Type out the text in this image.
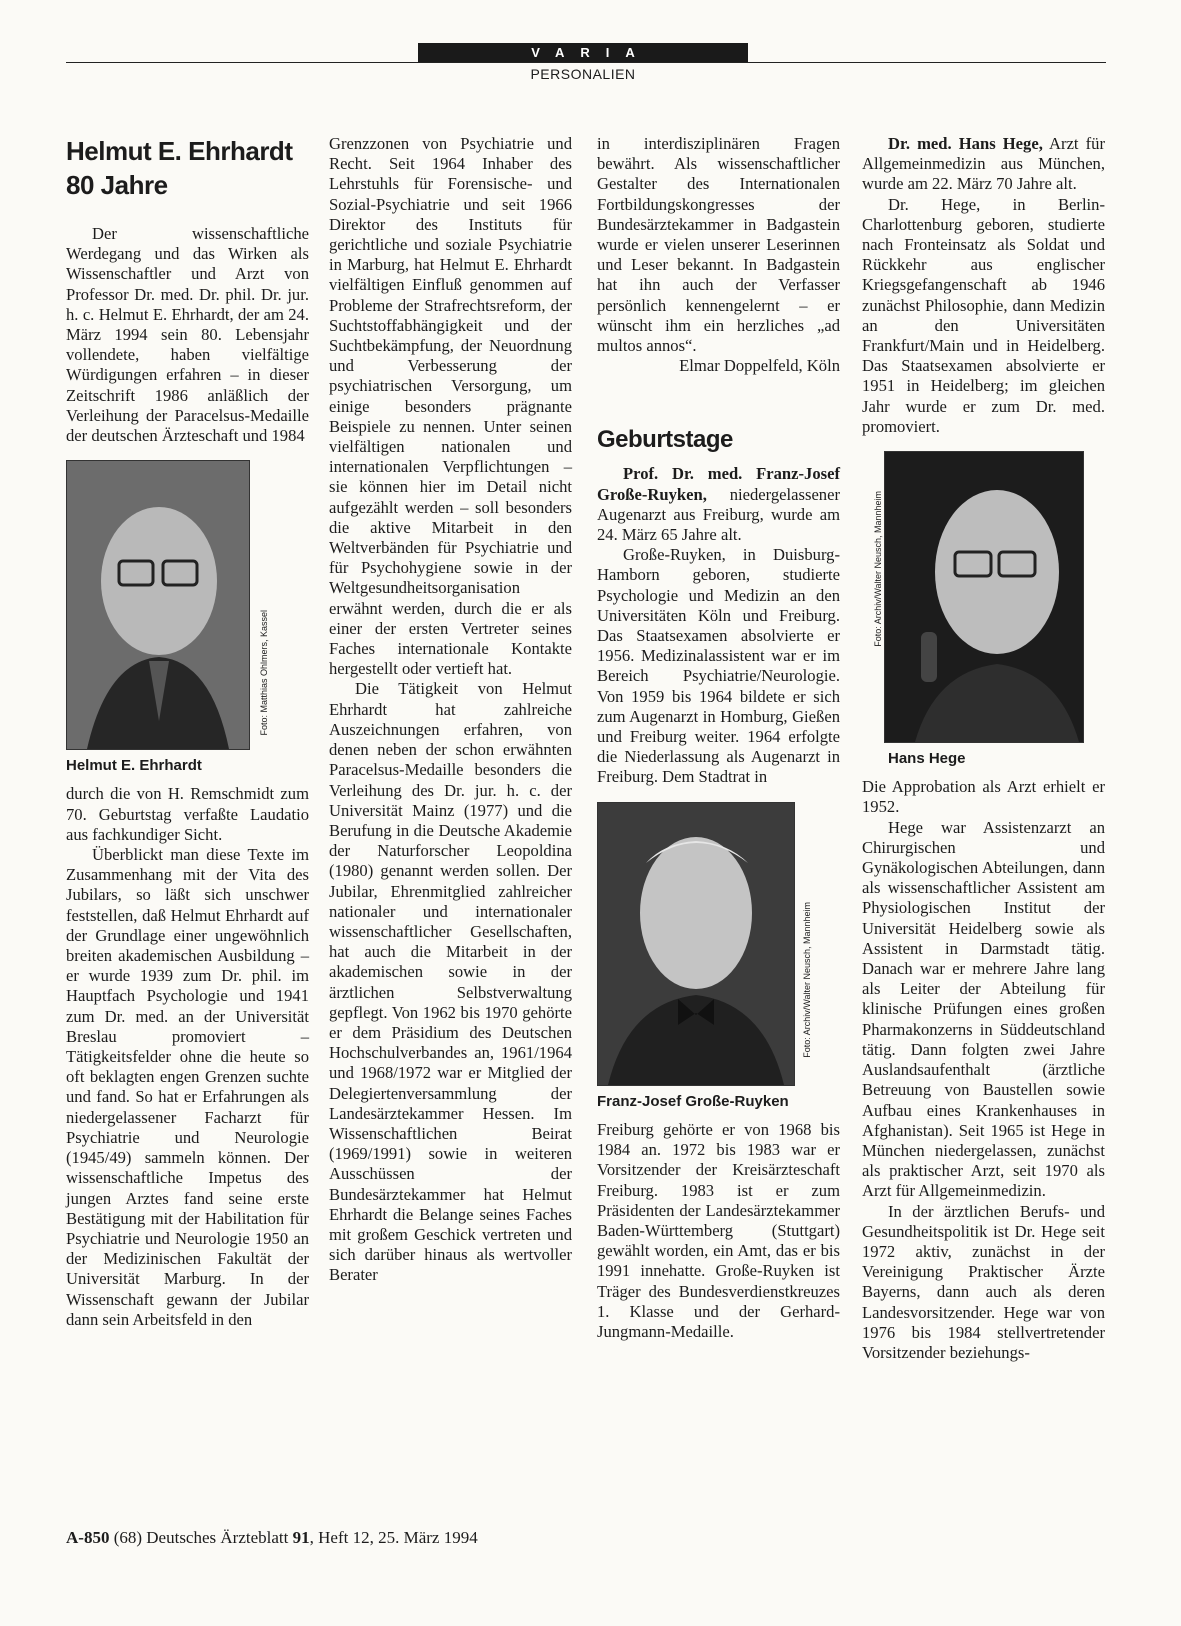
VARIA
PERSONALIEN
Helmut E. Ehrhardt
80 Jahre

Der wissenschaftliche Werdegang und das Wirken als Wissenschaftler und Arzt von Professor Dr. med. Dr. phil. Dr. jur. h. c. Helmut E. Ehrhardt, der am 24. März 1994 sein 80. Lebensjahr vollendete, haben vielfältige Würdigungen erfahren – in dieser Zeitschrift 1986 anläßlich der Verleihung der Paracelsus-Medaille der deutschen Ärzteschaft und 1984

Foto: Matthias Ohlmers, Kassel
Helmut E. Ehrhardt

durch die von H. Remschmidt zum 70. Geburtstag verfaßte Laudatio aus fachkundiger Sicht.

Überblickt man diese Texte im Zusammenhang mit der Vita des Jubilars, so läßt sich unschwer feststellen, daß Helmut Ehrhardt auf der Grundlage einer ungewöhnlich breiten akademischen Ausbildung – er wurde 1939 zum Dr. phil. im Hauptfach Psychologie und 1941 zum Dr. med. an der Universität Breslau promoviert – Tätigkeitsfelder ohne die heute so oft beklagten engen Grenzen suchte und fand. So hat er Erfahrungen als niedergelassener Facharzt für Psychiatrie und Neurologie (1945/49) sammeln können. Der wissenschaftliche Impetus des jungen Arztes fand seine erste Bestätigung mit der Habilitation für Psychiatrie und Neurologie 1950 an der Medizinischen Fakultät der Universität Marburg. In der Wissenschaft gewann der Jubilar dann sein Arbeitsfeld in den

Grenzzonen von Psychiatrie und Recht. Seit 1964 Inhaber des Lehrstuhls für Forensische- und Sozial-Psychiatrie und seit 1966 Direktor des Instituts für gerichtliche und soziale Psychiatrie in Marburg, hat Helmut E. Ehrhardt vielfältigen Einfluß genommen auf Probleme der Strafrechtsreform, der Suchtstoffabhängigkeit und der Suchtbekämpfung, der Neuordnung und Verbesserung der psychiatrischen Versorgung, um einige besonders prägnante Beispiele zu nennen. Unter seinen vielfältigen nationalen und internationalen Verpflichtungen – sie können hier im Detail nicht aufgezählt werden – soll besonders die aktive Mitarbeit in den Weltverbänden für Psychiatrie und für Psychohygiene sowie in der Weltgesundheitsorganisation erwähnt werden, durch die er als einer der ersten Vertreter seines Faches internationale Kontakte hergestellt oder vertieft hat.

Die Tätigkeit von Helmut Ehrhardt hat zahlreiche Auszeichnungen erfahren, von denen neben der schon erwähnten Paracelsus-Medaille besonders die Verleihung des Dr. jur. h. c. der Universität Mainz (1977) und die Berufung in die Deutsche Akademie der Naturforscher Leopoldina (1980) genannt werden sollen. Der Jubilar, Ehrenmitglied zahlreicher nationaler und internationaler wissenschaftlicher Gesellschaften, hat auch die Mitarbeit in der akademischen sowie in der ärztlichen Selbstverwaltung gepflegt. Von 1962 bis 1970 gehörte er dem Präsidium des Deutschen Hochschulverbandes an, 1961/1964 und 1968/1972 war er Mitglied der Delegiertenversammlung der Landesärztekammer Hessen. Im Wissenschaftlichen Beirat (1969/1991) sowie in weiteren Ausschüssen der Bundesärztekammer hat Helmut Ehrhardt die Belange seines Faches mit großem Geschick vertreten und sich darüber hinaus als wertvoller Berater

in interdisziplinären Fragen bewährt. Als wissenschaftlicher Gestalter des Internationalen Fortbildungskongresses der Bundesärztekammer in Badgastein wurde er vielen unserer Leserinnen und Leser bekannt. In Badgastein hat ihn auch der Verfasser persönlich kennengelernt – er wünscht ihm ein herzliches „ad multos annos“.

Elmar Doppelfeld, Köln

Geburtstage

Prof. Dr. med. Franz-Josef Große-Ruyken, niedergelassener Augenarzt aus Freiburg, wurde am 24. März 65 Jahre alt.

Große-Ruyken, in Duisburg-Hamborn geboren, studierte Psychologie und Medizin an den Universitäten Köln und Freiburg. Das Staatsexamen absolvierte er 1956. Medizinalassistent war er im Bereich Psychiatrie/Neurologie. Von 1959 bis 1964 bildete er sich zum Augenarzt in Homburg, Gießen und Freiburg weiter. 1964 erfolgte die Niederlassung als Augenarzt in Freiburg. Dem Stadtrat in

Foto: Archiv/Walter Neusch, Mannheim
Franz-Josef Große-Ruyken

Freiburg gehörte er von 1968 bis 1984 an. 1972 bis 1983 war er Vorsitzender der Kreisärzteschaft Freiburg. 1983 ist er zum Präsidenten der Landesärztekammer Baden-Württemberg (Stuttgart) gewählt worden, ein Amt, das er bis 1991 innehatte. Große-Ruyken ist Träger des Bundesverdienstkreuzes 1. Klasse und der Gerhard-Jungmann-Medaille.

Dr. med. Hans Hege, Arzt für Allgemeinmedizin aus München, wurde am 22. März 70 Jahre alt.

Dr. Hege, in Berlin-Charlottenburg geboren, studierte nach Fronteinsatz als Soldat und Rückkehr aus englischer Kriegsgefangenschaft ab 1946 zunächst Philosophie, dann Medizin an den Universitäten Frankfurt/Main und in Heidelberg. Das Staatsexamen absolvierte er 1951 in Heidelberg; im gleichen Jahr wurde er zum Dr. med. promoviert.

Foto: Archiv/Walter Neusch, Mannheim
Hans Hege

Die Approbation als Arzt erhielt er 1952.

Hege war Assistenzarzt an Chirurgischen und Gynäkologischen Abteilungen, dann als wissenschaftlicher Assistent am Physiologischen Institut der Universität Heidelberg sowie als Assistent in Darmstadt tätig. Danach war er mehrere Jahre lang als Leiter der Abteilung für klinische Prüfungen eines großen Pharmakonzerns in Süddeutschland tätig. Dann folgten zwei Jahre Auslandsaufenthalt (ärztliche Betreuung von Baustellen sowie Aufbau eines Krankenhauses in Afghanistan). Seit 1965 ist Hege in München niedergelassen, zunächst als praktischer Arzt, seit 1970 als Arzt für Allgemeinmedizin.

In der ärztlichen Berufs- und Gesundheitspolitik ist Dr. Hege seit 1972 aktiv, zunächst in der Vereinigung Praktischer Ärzte Bayerns, dann auch als deren Landesvorsitzender. Hege war von 1976 bis 1984 stellvertretender Vorsitzender beziehungs-

A-850 (68) Deutsches Ärzteblatt 91, Heft 12, 25. März 1994
